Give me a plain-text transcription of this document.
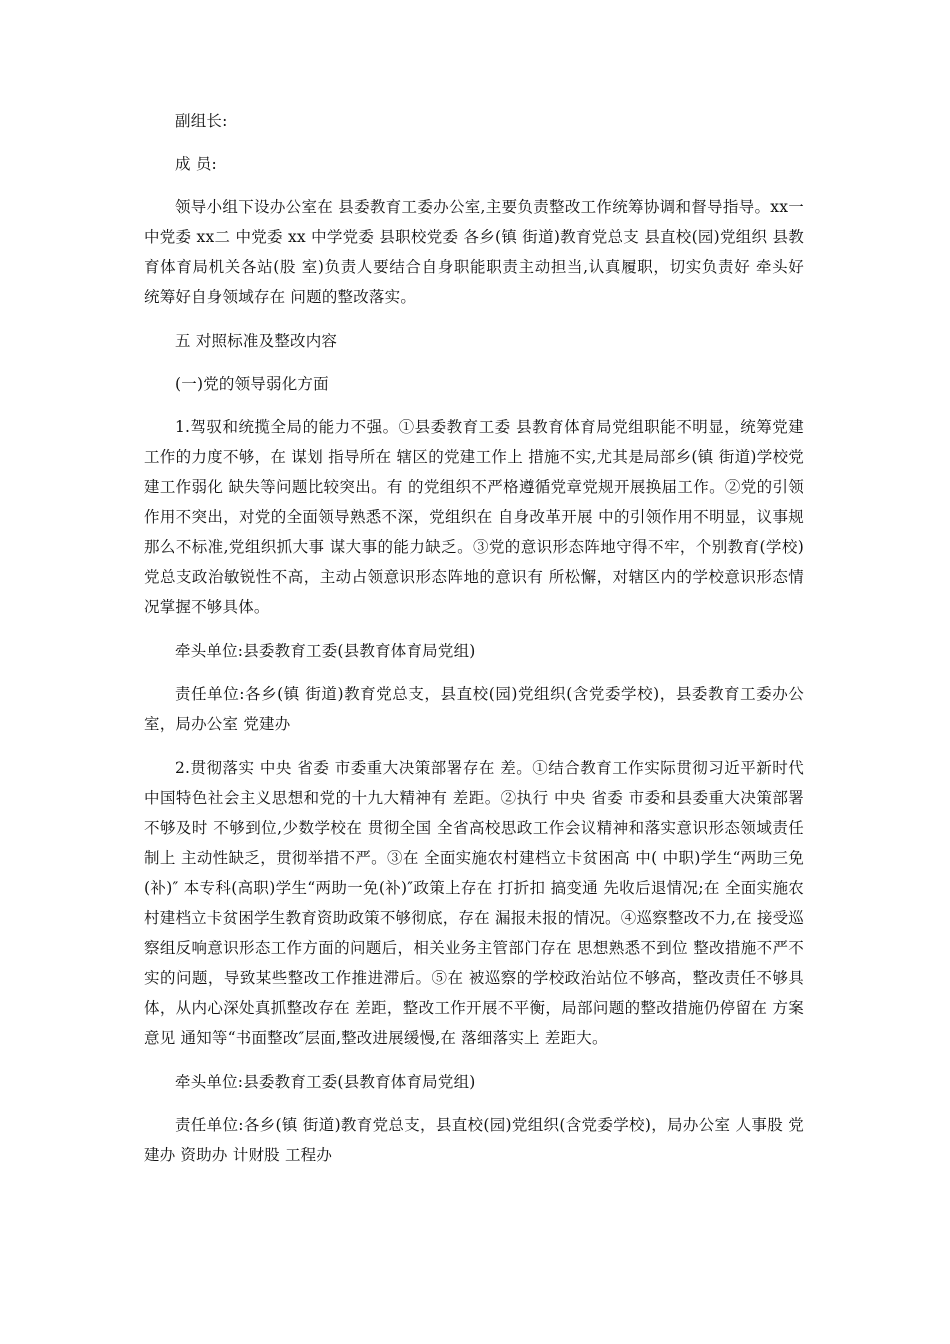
副组长:

成 员:

领导小组下设办公室在 县委教育工委办公室,主要负责整改工作统筹协调和督导指导。xx一 中党委 xx二 中党委 xx 中学党委 县职校党委 各乡(镇 街道)教育党总支 县直校(园)党组织 县教育体育局机关各站(股 室)负责人要结合自身职能职责主动担当,认真履职，切实负责好 牵头好 统筹好自身领域存在 问题的整改落实。

五 对照标准及整改内容

(一)党的领导弱化方面

1.驾驭和统揽全局的能力不强。①县委教育工委 县教育体育局党组职能不明显，统筹党建工作的力度不够，在 谋划 指导所在 辖区的党建工作上 措施不实,尤其是局部乡(镇 街道)学校党建工作弱化 缺失等问题比较突出。有 的党组织不严格遵循党章党规开展换届工作。②党的引领作用不突出，对党的全面领导熟悉不深，党组织在 自身改革开展 中的引领作用不明显，议事规那么不标准,党组织抓大事 谋大事的能力缺乏。③党的意识形态阵地守得不牢，个别教育(学校)党总支政治敏锐性不高，主动占领意识形态阵地的意识有 所松懈，对辖区内的学校意识形态情况掌握不够具体。

牵头单位:县委教育工委(县教育体育局党组)

责任单位:各乡(镇 街道)教育党总支，县直校(园)党组织(含党委学校)，县委教育工委办公室，局办公室 党建办

2.贯彻落实 中央 省委 市委重大决策部署存在 差。①结合教育工作实际贯彻习近平新时代 中国特色社会主义思想和党的十九大精神有 差距。②执行 中央 省委 市委和县委重大决策部署不够及时 不够到位,少数学校在 贯彻全国 全省高校思政工作会议精神和落实意识形态领域责任制上 主动性缺乏，贯彻举措不严。③在 全面实施农村建档立卡贫困高 中( 中职)学生“两助三免(补)″ 本专科(高职)学生“两助一免(补)″政策上存在 打折扣 搞变通 先收后退情况;在 全面实施农村建档立卡贫困学生教育资助政策不够彻底，存在 漏报未报的情况。④巡察整改不力,在 接受巡察组反响意识形态工作方面的问题后，相关业务主管部门存在 思想熟悉不到位 整改措施不严不实的问题，导致某些整改工作推进滞后。⑤在 被巡察的学校政治站位不够高，整改责任不够具体，从内心深处真抓整改存在 差距，整改工作开展不平衡，局部问题的整改措施仍停留在 方案 意见 通知等“书面整改″层面,整改进展缓慢,在 落细落实上 差距大。

牵头单位:县委教育工委(县教育体育局党组)

责任单位:各乡(镇 街道)教育党总支，县直校(园)党组织(含党委学校)，局办公室 人事股 党建办 资助办 计财股 工程办
